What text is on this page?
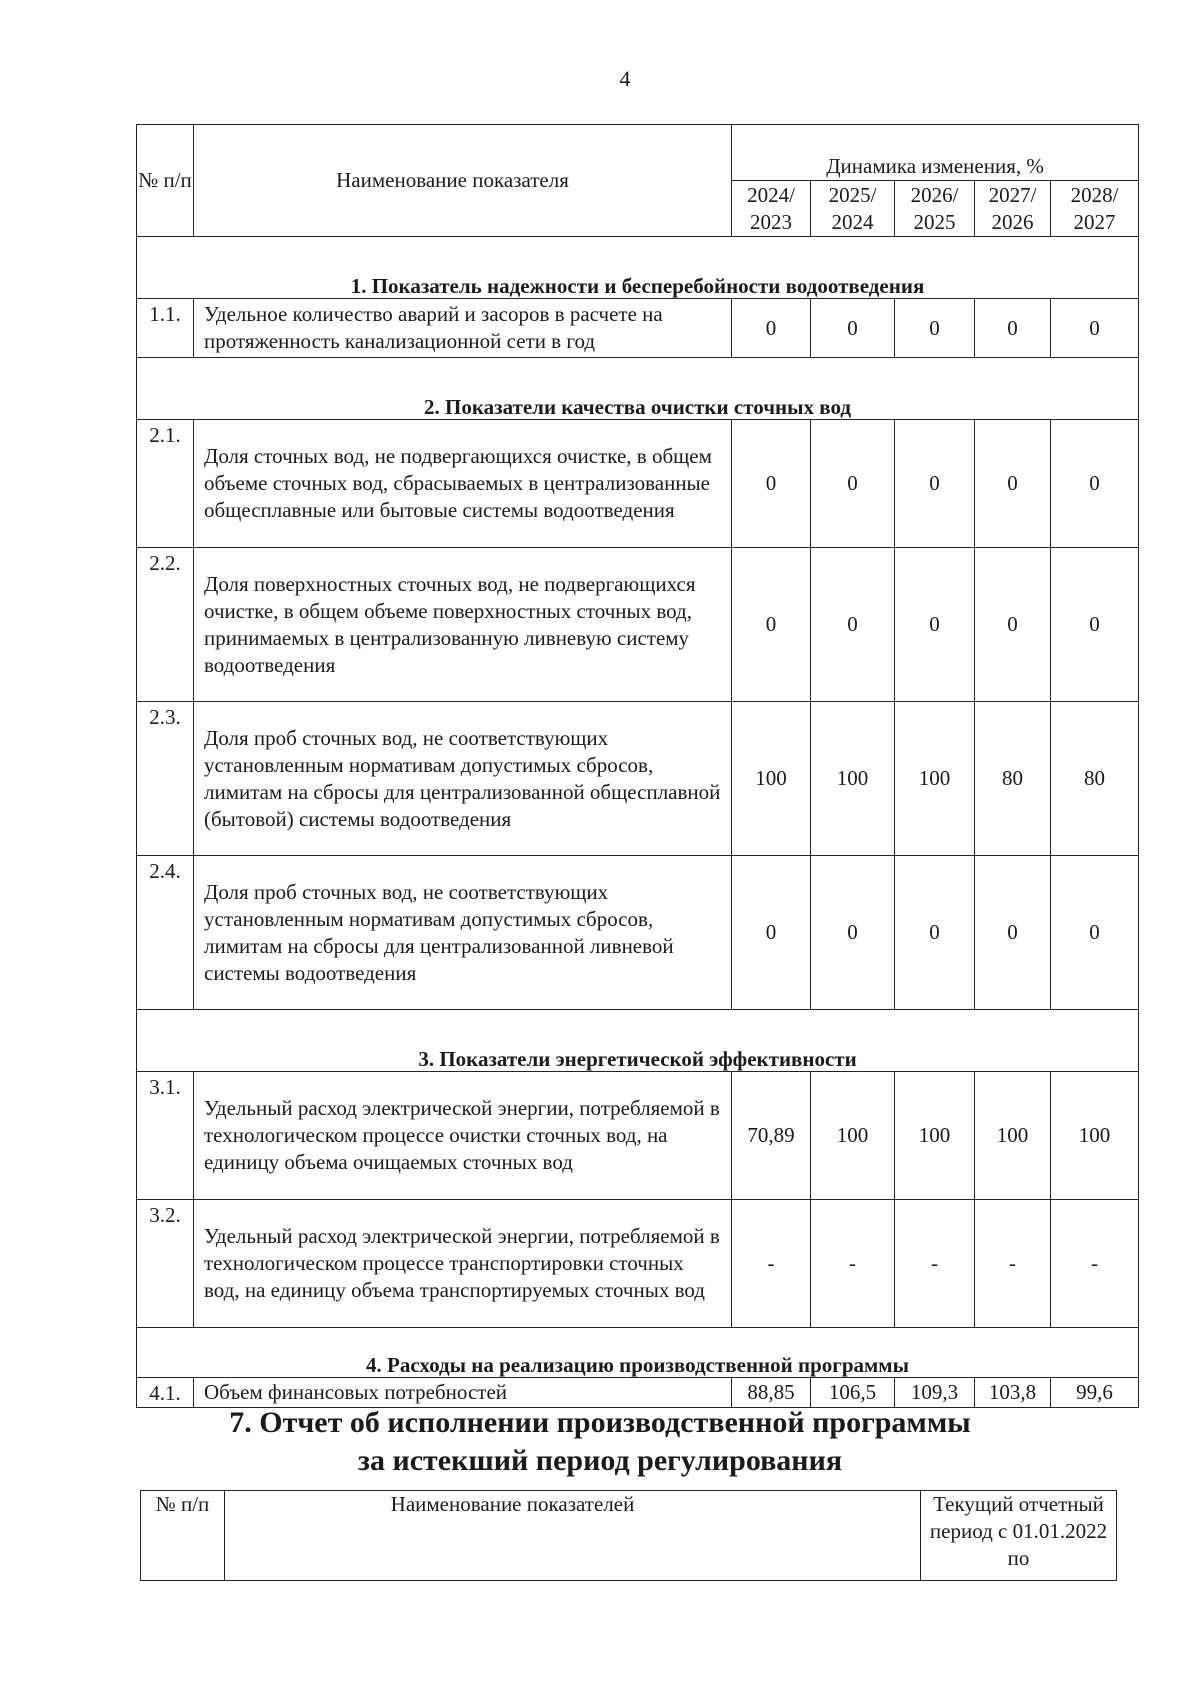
4
№ п/п	Наименование показателя	Динамика изменения, %				
		2024/ 2023	2025/ 2024	2026/ 2025	2027/ 2026	2028/ 2027
1. Показатель надежности и бесперебойности водоотведения						
1.1.	Удельное количество аварий и засоров в расчете на протяженность канализационной сети в год	0	0	0	0	0
2. Показатели качества очистки сточных вод						
2.1.	Доля сточных вод, не подвергающихся очистке, в общем объеме сточных вод, сбрасываемых в централизованные общесплавные или бытовые системы водоотведения	0	0	0	0	0
2.2.	Доля поверхностных сточных вод, не подвергающихся очистке, в общем объеме поверхностных сточных вод, принимаемых в централизованную ливневую систему водоотведения	0	0	0	0	0
2.3.	Доля проб сточных вод, не соответствующих установленным нормативам допустимых сбросов, лимитам на сбросы для централизованной общесплавной (бытовой) системы водоотведения	100	100	100	80	80
2.4.	Доля проб сточных вод, не соответствующих установленным нормативам допустимых сбросов, лимитам на сбросы для централизованной ливневой системы водоотведения	0	0	0	0	0
3. Показатели энергетической эффективности						
3.1.	Удельный расход электрической энергии, потребляемой в технологическом процессе очистки сточных вод, на единицу объема очищаемых сточных вод	70,89	100	100	100	100
3.2.	Удельный расход электрической энергии, потребляемой в технологическом процессе транспортировки сточных вод, на единицу объема транспортируемых сточных вод	-	-	-	-	-
4. Расходы на реализацию производственной программы						
4.1.	Объем финансовых потребностей	88,85	106,5	109,3	103,8	99,6
7. Отчет об исполнении производственной программы
за истекший период регулирования
№ п/п	Наименование показателей	Текущий отчетный период с 01.01.2022 по
